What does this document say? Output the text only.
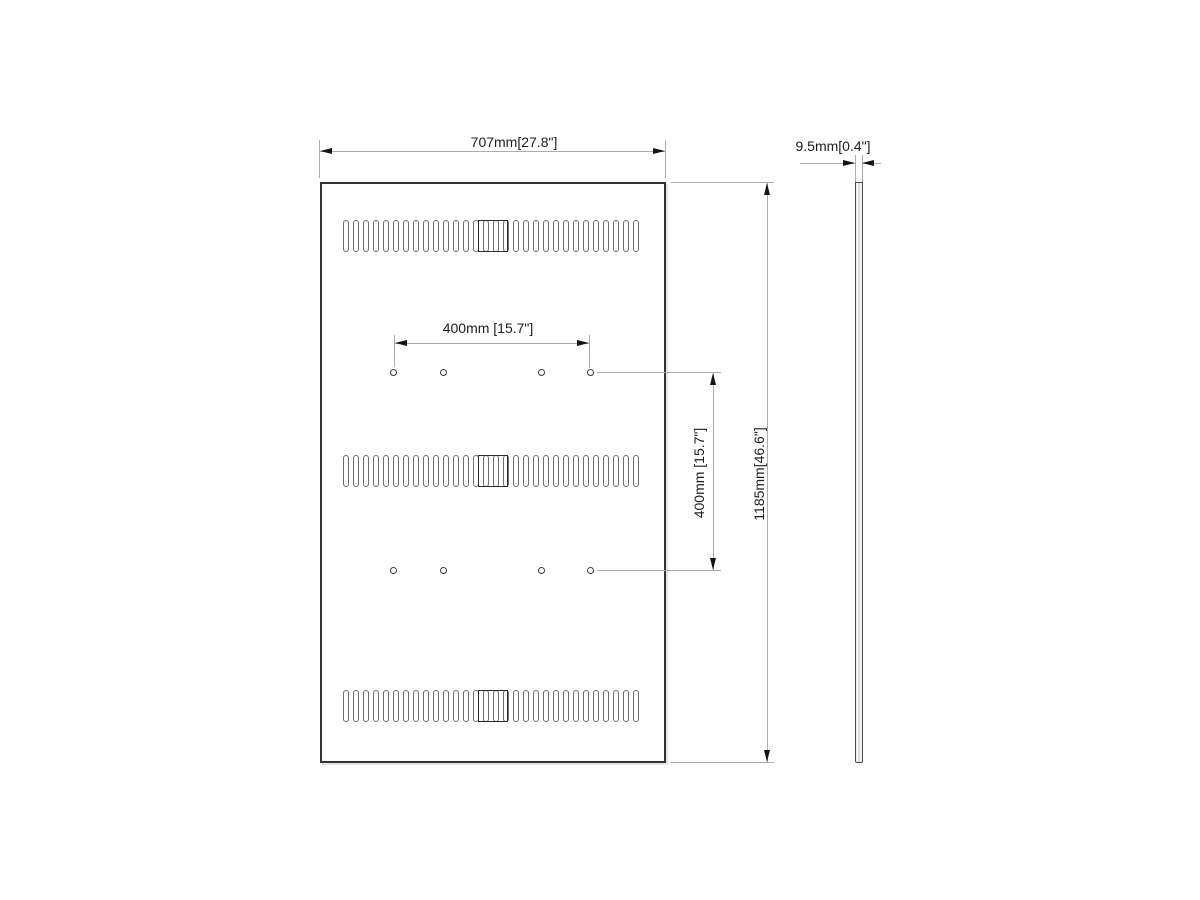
707mm[27.8"]
400mm [15.7"]
400mm [15.7"]	1185mm[46.6"]
9.5mm[0.4"]
